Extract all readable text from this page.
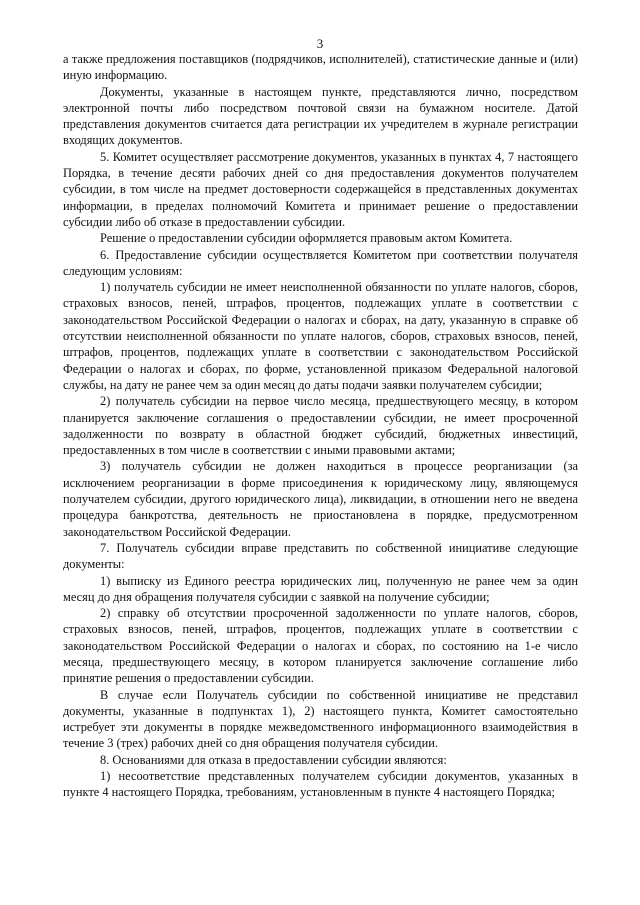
3

а также предложения поставщиков (подрядчиков, исполнителей), статистические данные и (или) иную информацию.

Документы, указанные в настоящем пункте, представляются лично, посредством электронной почты либо посредством почтовой связи на бумажном носителе. Датой представления документов считается дата регистрации их учредителем в журнале регистрации входящих документов.

5. Комитет осуществляет рассмотрение документов, указанных в пунктах 4, 7 настоящего Порядка, в течение десяти рабочих дней со дня предоставления документов получателем субсидии, в том числе на предмет достоверности содержащейся в представленных документах информации, в пределах полномочий Комитета и принимает решение о предоставлении субсидии либо об отказе в предоставлении субсидии.

Решение о предоставлении субсидии оформляется правовым актом Комитета.

6. Предоставление субсидии осуществляется Комитетом при соответствии получателя следующим условиям:

1) получатель субсидии не имеет неисполненной обязанности по уплате налогов, сборов, страховых взносов, пеней, штрафов, процентов, подлежащих уплате в соответствии с законодательством Российской Федерации о налогах и сборах, на дату, указанную в справке об отсутствии неисполненной обязанности по уплате налогов, сборов, страховых взносов, пеней, штрафов, процентов, подлежащих уплате в соответствии с законодательством Российской Федерации о налогах и сборах, по форме, установленной приказом Федеральной налоговой службы, на дату не ранее чем за один месяц до даты подачи заявки получателем субсидии;

2) получатель субсидии на первое число месяца, предшествующего месяцу, в котором планируется заключение соглашения о предоставлении субсидии, не имеет просроченной задолженности по возврату в областной бюджет субсидий, бюджетных инвестиций, предоставленных в том числе в соответствии с иными правовыми актами;

3) получатель субсидии не должен находиться в процессе реорганизации (за исключением реорганизации в форме присоединения к юридическому лицу, являющемуся получателем субсидии, другого юридического лица), ликвидации, в отношении него не введена процедура банкротства, деятельность не приостановлена в порядке, предусмотренном законодательством Российской Федерации.

7. Получатель субсидии вправе представить по собственной инициативе следующие документы:

1) выписку из Единого реестра юридических лиц, полученную не ранее чем за один месяц до дня обращения получателя субсидии с заявкой на получение субсидии;

2) справку об отсутствии просроченной задолженности по уплате налогов, сборов, страховых взносов, пеней, штрафов, процентов, подлежащих уплате в соответствии с законодательством Российской Федерации о налогах и сборах, по состоянию на 1-е число месяца, предшествующего месяцу, в котором планируется заключение соглашение либо принятие решения о предоставлении субсидии.

В случае если Получатель субсидии по собственной инициативе не представил документы, указанные в подпунктах 1), 2) настоящего пункта, Комитет самостоятельно истребует эти документы в порядке межведомственного информационного взаимодействия в течение 3 (трех) рабочих дней со дня обращения получателя субсидии.

8. Основаниями для отказа в предоставлении субсидии являются:

1) несоответствие представленных получателем субсидии документов, указанных в пункте 4 настоящего Порядка, требованиям, установленным в пункте 4 настоящего Порядка;
